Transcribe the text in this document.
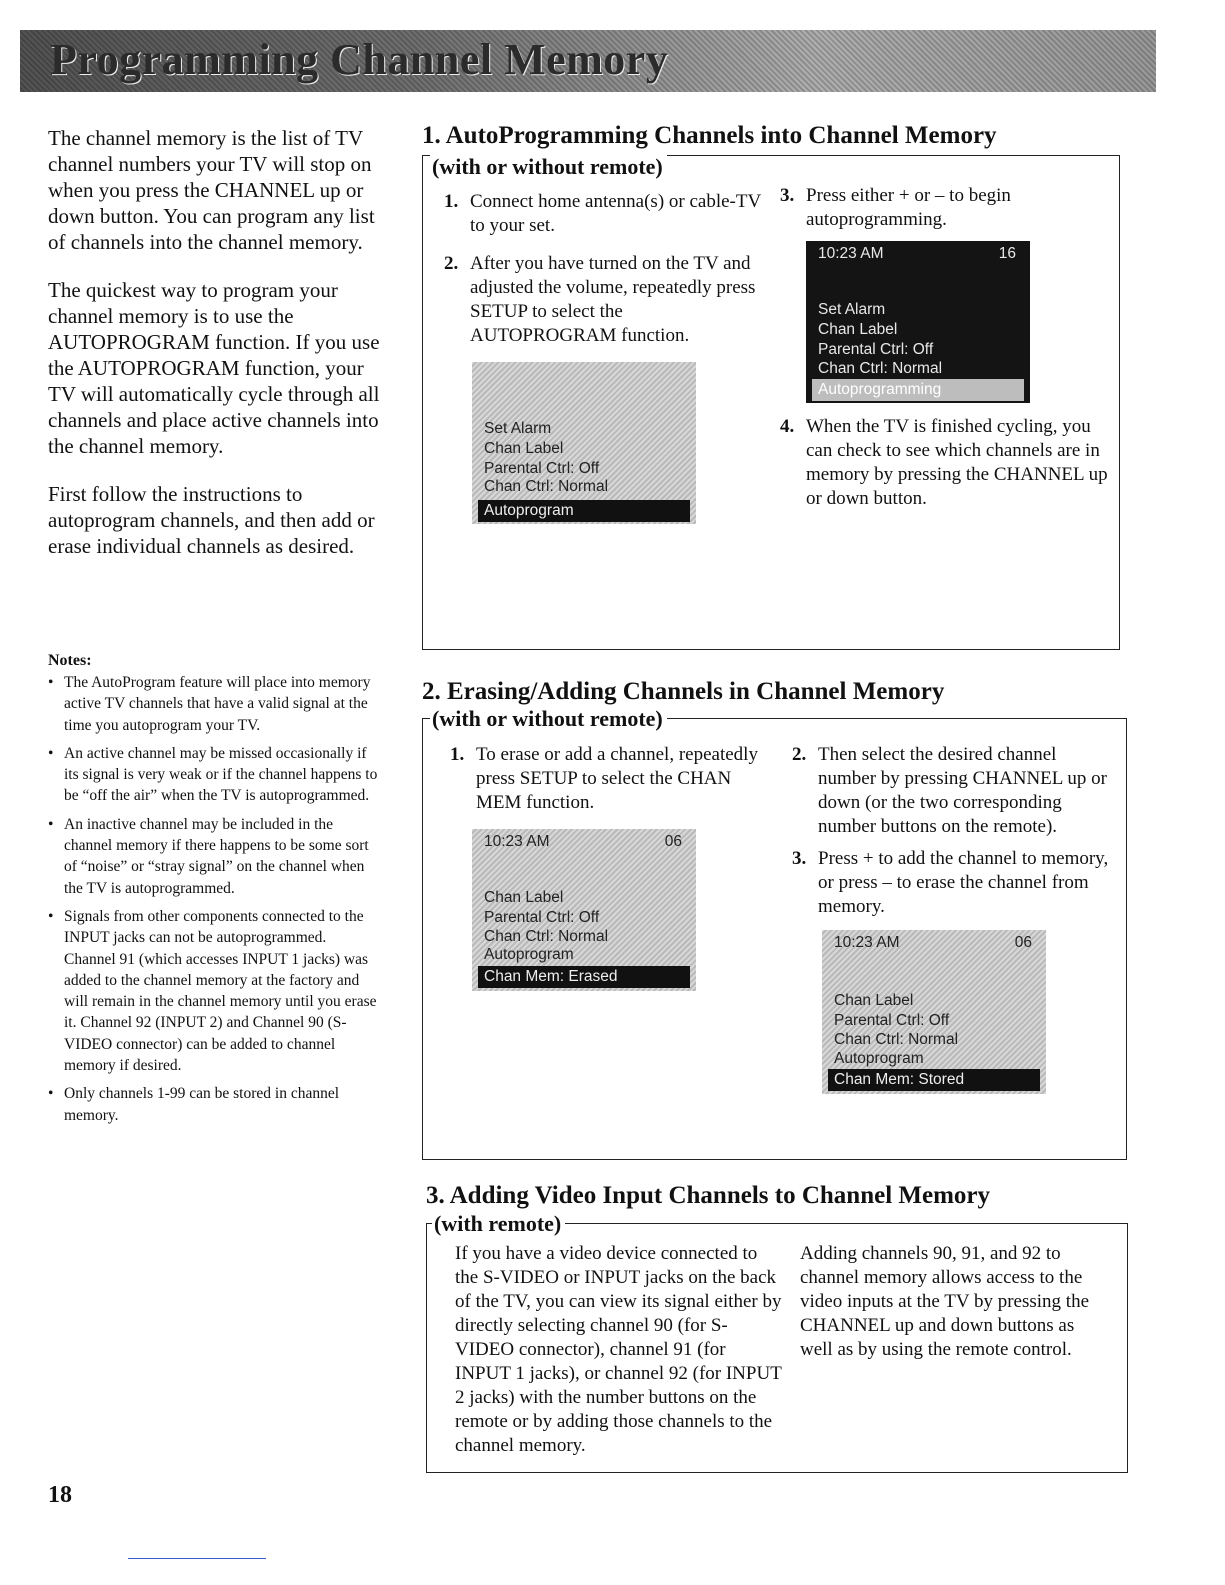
Programming Channel Memory

The channel memory is the list of TV channel numbers your TV will stop on when you press the CHANNEL up or down button. You can program any list of channels into the channel memory.

The quickest way to program your channel memory is to use the AUTOPROGRAM function. If you use the AUTOPROGRAM function, your TV will automatically cycle through all channels and place active channels into the channel memory.

First follow the instructions to autoprogram channels, and then add or erase individual channels as desired.

Notes:
• The AutoProgram feature will place into memory active TV channels that have a valid signal at the time you autoprogram your TV.
• An active channel may be missed occasionally if its signal is very weak or if the channel happens to be “off the air” when the TV is autoprogrammed.
• An inactive channel may be included in the channel memory if there happens to be some sort of “noise” or “stray signal” on the channel when the TV is autoprogrammed.
• Signals from other components connected to the INPUT jacks can not be autoprogrammed. Channel 91 (which accesses INPUT 1 jacks) was added to the channel memory at the factory and will remain in the channel memory until you erase it. Channel 92 (INPUT 2) and Channel 90 (S-VIDEO connector) can be added to channel memory if desired.
• Only channels 1-99 can be stored in channel memory.
1. AutoProgramming Channels into Channel Memory
(with or without remote)
1. Connect home antenna(s) or cable-TV to your set.
2. After you have turned on the TV and adjusted the volume, repeatedly press SETUP to select the AUTOPROGRAM function.
3. Press either + or – to begin autoprogramming.
4. When the TV is finished cycling, you can check to see which channels are in memory by pressing the CHANNEL up or down button.
Set Alarm
Chan Label
Parental Ctrl: Off
Chan Ctrl: Normal
Autoprogram
10:23 AM	16
Set Alarm
Chan Label
Parental Ctrl: Off
Chan Ctrl: Normal
Autoprogramming
2. Erasing/Adding Channels in Channel Memory
(with or without remote)
1. To erase or add a channel, repeatedly press SETUP to select the CHAN MEM function.
2. Then select the desired channel number by pressing CHANNEL up or down (or the two corresponding number buttons on the remote).
3. Press + to add the channel to memory, or press – to erase the channel from memory.
10:23 AM	06
Chan Label
Parental Ctrl: Off
Chan Ctrl: Normal
Autoprogram
Chan Mem: Erased
10:23 AM	06
Chan Label
Parental Ctrl: Off
Chan Ctrl: Normal
Autoprogram
Chan Mem: Stored
3. Adding Video Input Channels to Channel Memory
(with remote)
If you have a video device connected to the S-VIDEO or INPUT jacks on the back of the TV, you can view its signal either by directly selecting channel 90 (for S-VIDEO connector), channel 91 (for INPUT 1 jacks), or channel 92 (for INPUT 2 jacks) with the number buttons on the remote or by adding those channels to the channel memory.
Adding channels 90, 91, and 92 to channel memory allows access to the video inputs at the TV by pressing the CHANNEL up and down buttons as well as by using the remote control.
18
